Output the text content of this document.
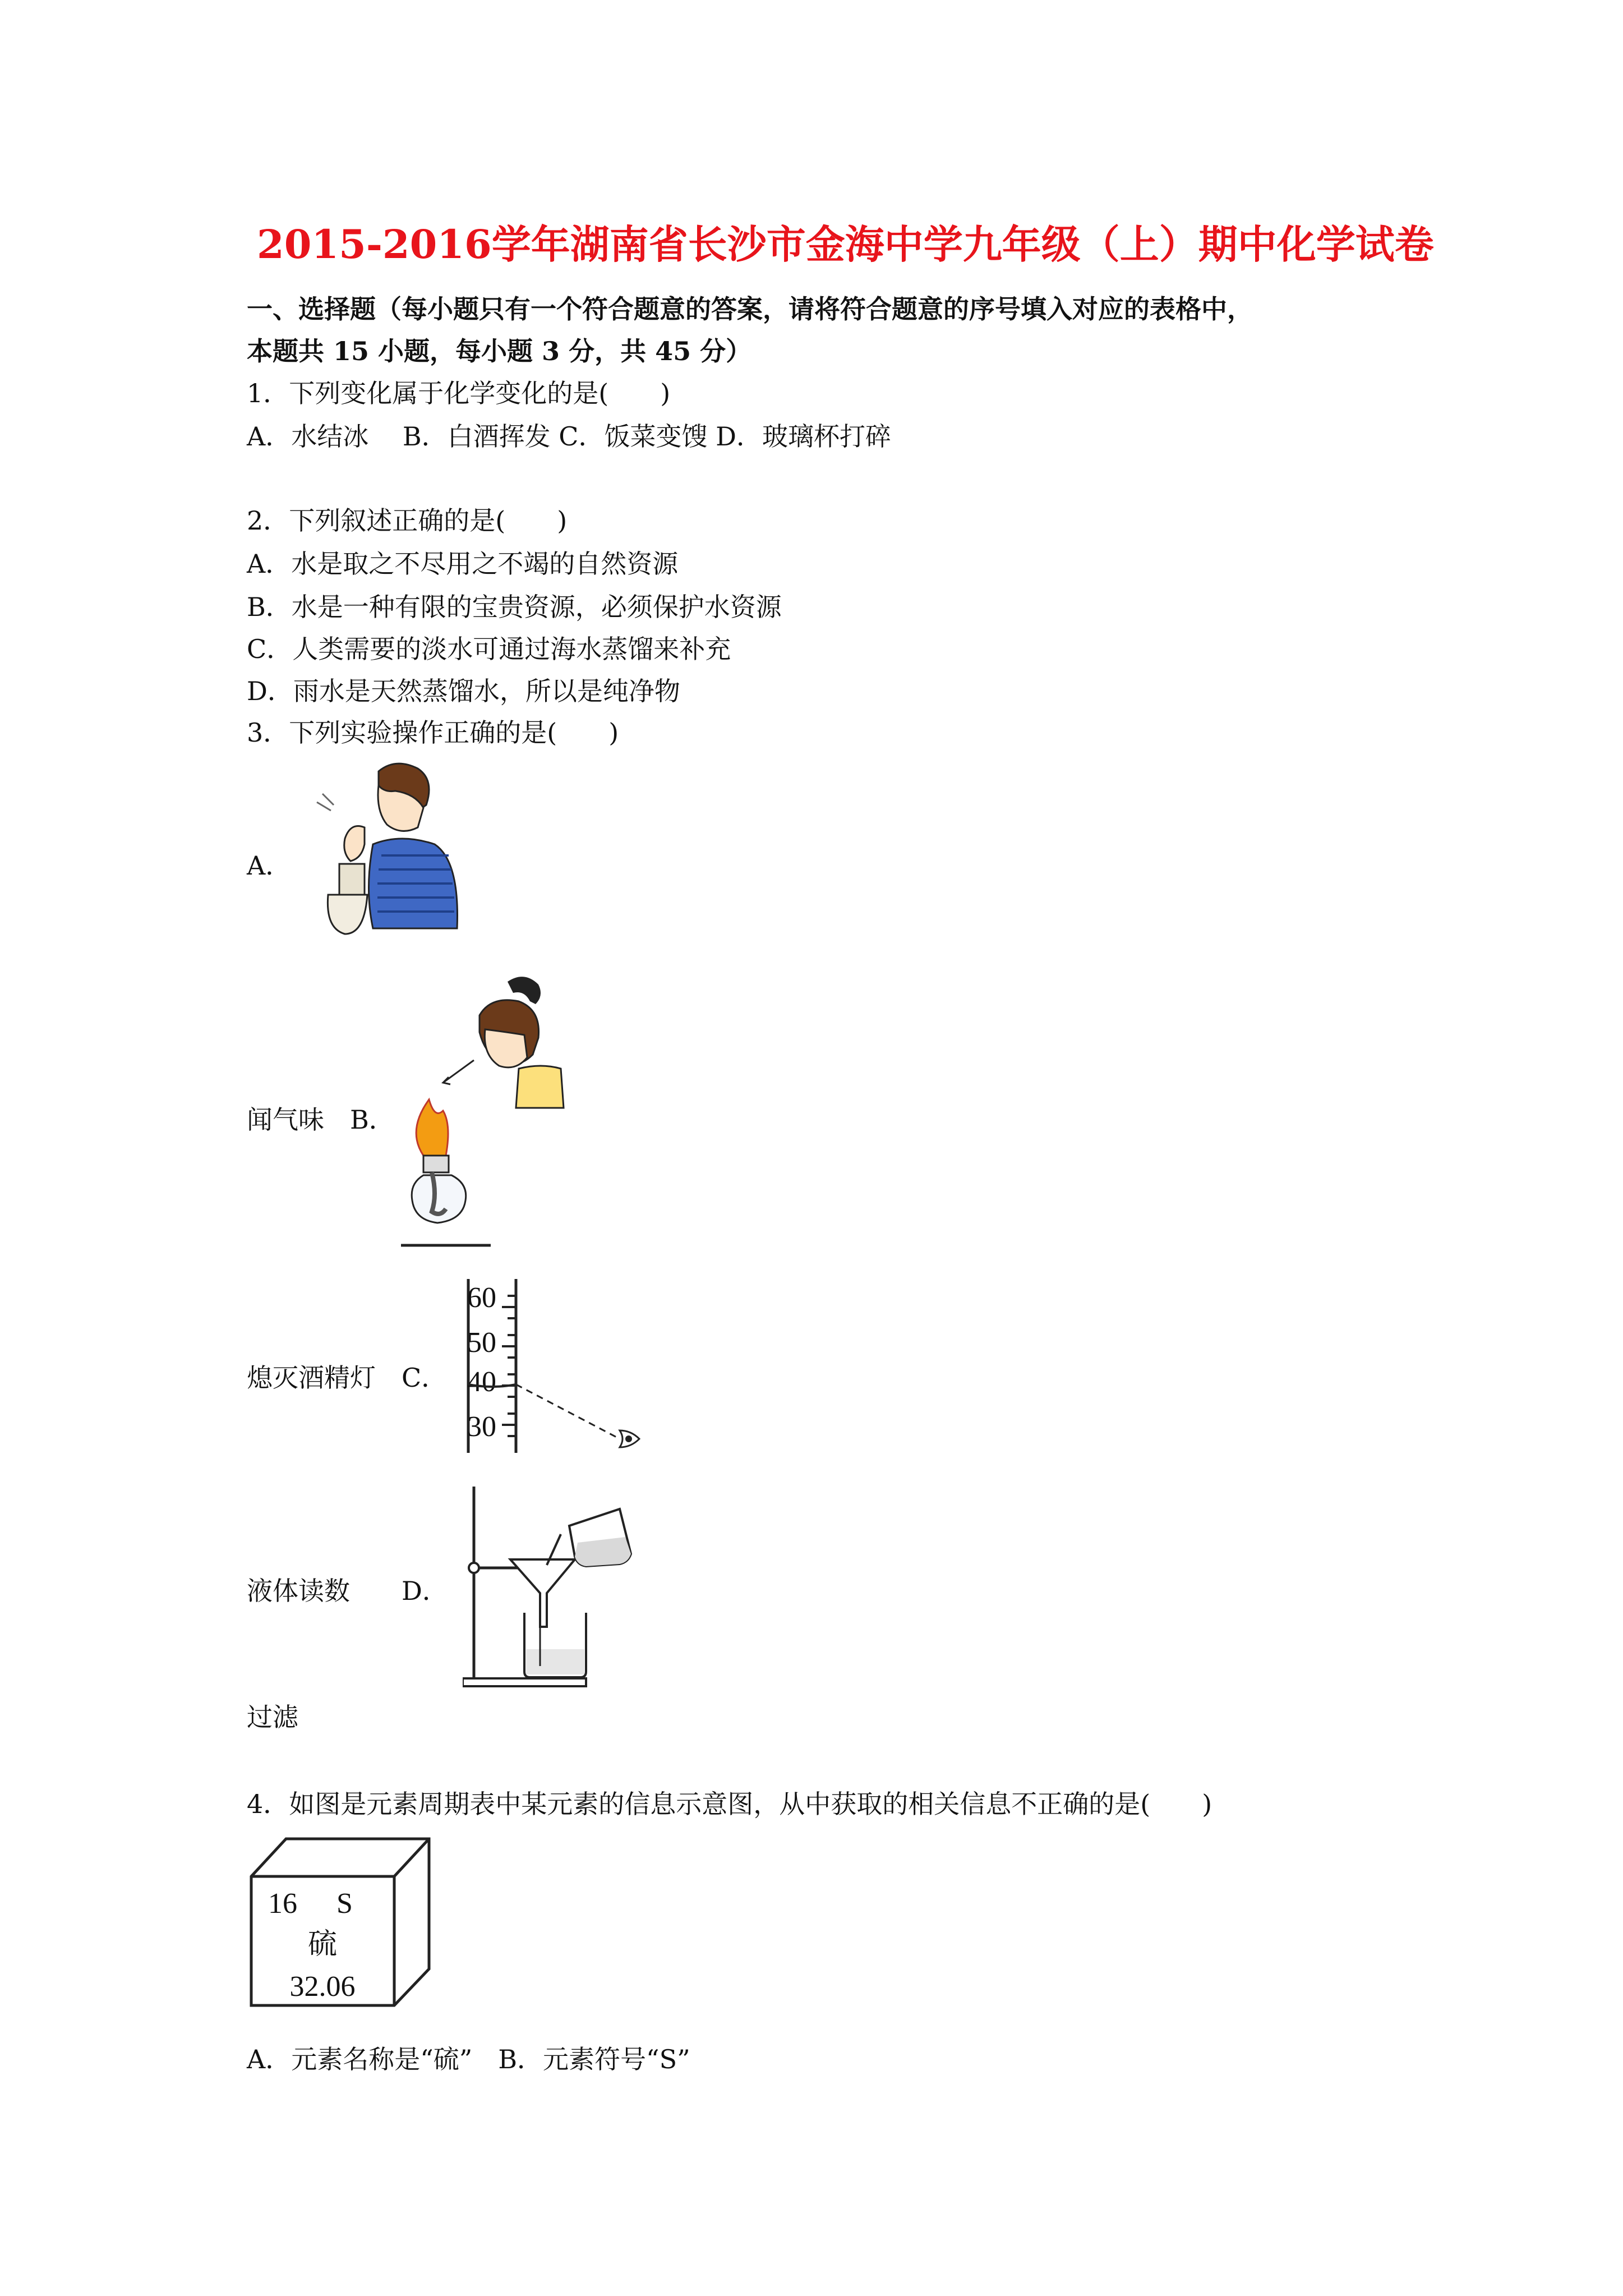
2015-2016学年湖南省长沙市金海中学九年级（上）期中化学试卷
一、选择题（每小题只有一个符合题意的答案，请将符合题意的序号填入对应的表格中，
本题共 15 小题，每小题 3 分，共 45 分）
1．下列变化属于化学变化的是(　　)
A．水结冰　 B．白酒挥发 C．饭菜变馊 D．玻璃杯打碎
2．下列叙述正确的是(　　)
A．水是取之不尽用之不竭的自然资源
B．水是一种有限的宝贵资源，必须保护水资源
C．人类需要的淡水可通过海水蒸馏来补充
D．雨水是天然蒸馏水，所以是纯净物
3．下列实验操作正确的是(　　)
A．
闻气味　B．
熄灭酒精灯　C．
60
50
40
30
液体读数　　D．
过滤
4．如图是元素周期表中某元素的信息示意图，从中获取的相关信息不正确的是(　　)
16 S
硫
32.06
A．元素名称是“硫”　B．元素符号“S”
